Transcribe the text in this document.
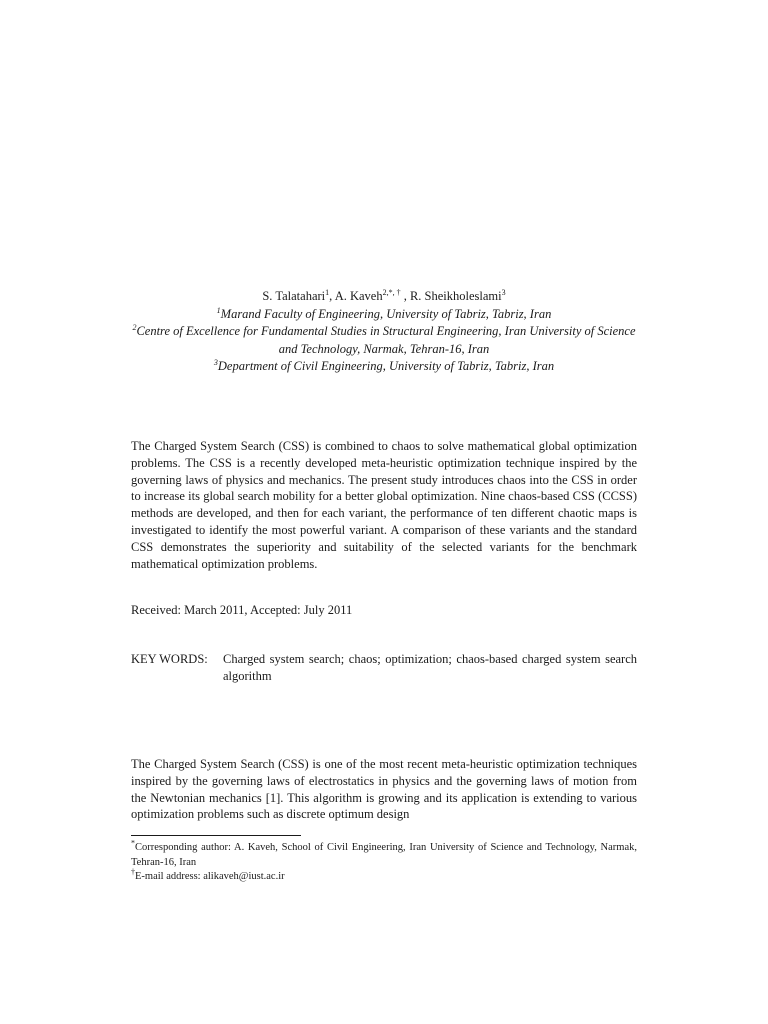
S. Talatahari$^1$, A. Kaveh$^{2,*, \dagger}$ , R. Sheikholeslami$^3$
$^1$Marand Faculty of Engineering, University of Tabriz, Tabriz, Iran
$^2$Centre of Excellence for Fundamental Studies in Structural Engineering, Iran University of Science and Technology, Narmak, Tehran-16, Iran
$^3$Department of Civil Engineering, University of Tabriz, Tabriz, Iran

The Charged System Search (CSS) is combined to chaos to solve mathematical global optimization problems. The CSS is a recently developed meta-heuristic optimization technique inspired by the governing laws of physics and mechanics. The present study introduces chaos into the CSS in order to increase its global search mobility for a better global optimization. Nine chaos-based CSS (CCSS) methods are developed, and then for each variant, the performance of ten different chaotic maps is investigated to identify the most powerful variant. A comparison of these variants and the standard CSS demonstrates the superiority and suitability of the selected variants for the benchmark mathematical optimization problems.

Received: March 2011, Accepted: July 2011

KEY WORDS:	Charged system search; chaos; optimization; chaos-based charged system search algorithm

The Charged System Search (CSS) is one of the most recent meta-heuristic optimization techniques inspired by the governing laws of electrostatics in physics and the governing laws of motion from the Newtonian mechanics [1]. This algorithm is growing and its application is extending to various optimization problems such as discrete optimum design

*Corresponding author: A. Kaveh, School of Civil Engineering, Iran University of Science and Technology, Narmak, Tehran-16, Iran

†E-mail address: alikaveh@iust.ac.ir
